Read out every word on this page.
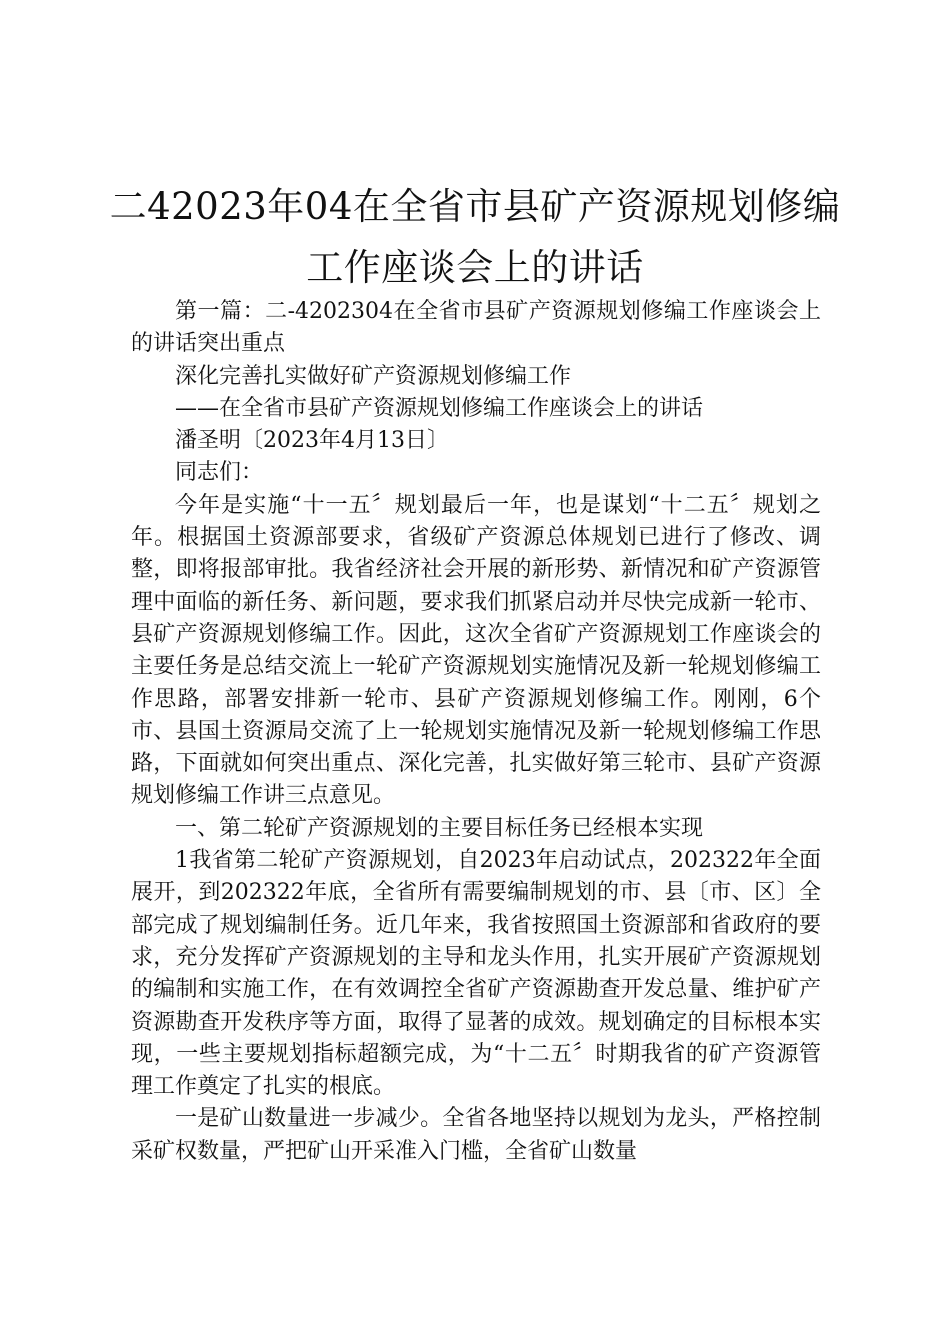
二42023年04在全省市县矿产资源规划修编
工作座谈会上的讲话

第一篇：二-4202304在全省市县矿产资源规划修编工作座谈会上的讲话突出重点

深化完善扎实做好矿产资源规划修编工作

——在全省市县矿产资源规划修编工作座谈会上的讲话

潘圣明〔2023年4月13日〕

同志们：

今年是实施“十一五〞规划最后一年，也是谋划“十二五〞规划之年。根据国土资源部要求，省级矿产资源总体规划已进行了修改、调整，即将报部审批。我省经济社会开展的新形势、新情况和矿产资源管理中面临的新任务、新问题，要求我们抓紧启动并尽快完成新一轮市、县矿产资源规划修编工作。因此，这次全省矿产资源规划工作座谈会的主要任务是总结交流上一轮矿产资源规划实施情况及新一轮规划修编工作思路，部署安排新一轮市、县矿产资源规划修编工作。刚刚，6个市、县国土资源局交流了上一轮规划实施情况及新一轮规划修编工作思路，下面就如何突出重点、深化完善，扎实做好第三轮市、县矿产资源规划修编工作讲三点意见。

一、第二轮矿产资源规划的主要目标任务已经根本实现

1我省第二轮矿产资源规划，自2023年启动试点，202322年全面展开，到202322年底，全省所有需要编制规划的市、县〔市、区〕全部完成了规划编制任务。近几年来，我省按照国土资源部和省政府的要求，充分发挥矿产资源规划的主导和龙头作用，扎实开展矿产资源规划的编制和实施工作，在有效调控全省矿产资源勘查开发总量、维护矿产资源勘查开发秩序等方面，取得了显著的成效。规划确定的目标根本实现，一些主要规划指标超额完成，为“十二五〞时期我省的矿产资源管理工作奠定了扎实的根底。

一是矿山数量进一步减少。全省各地坚持以规划为龙头，严格控制采矿权数量，严把矿山开采准入门槛，全省矿山数量
